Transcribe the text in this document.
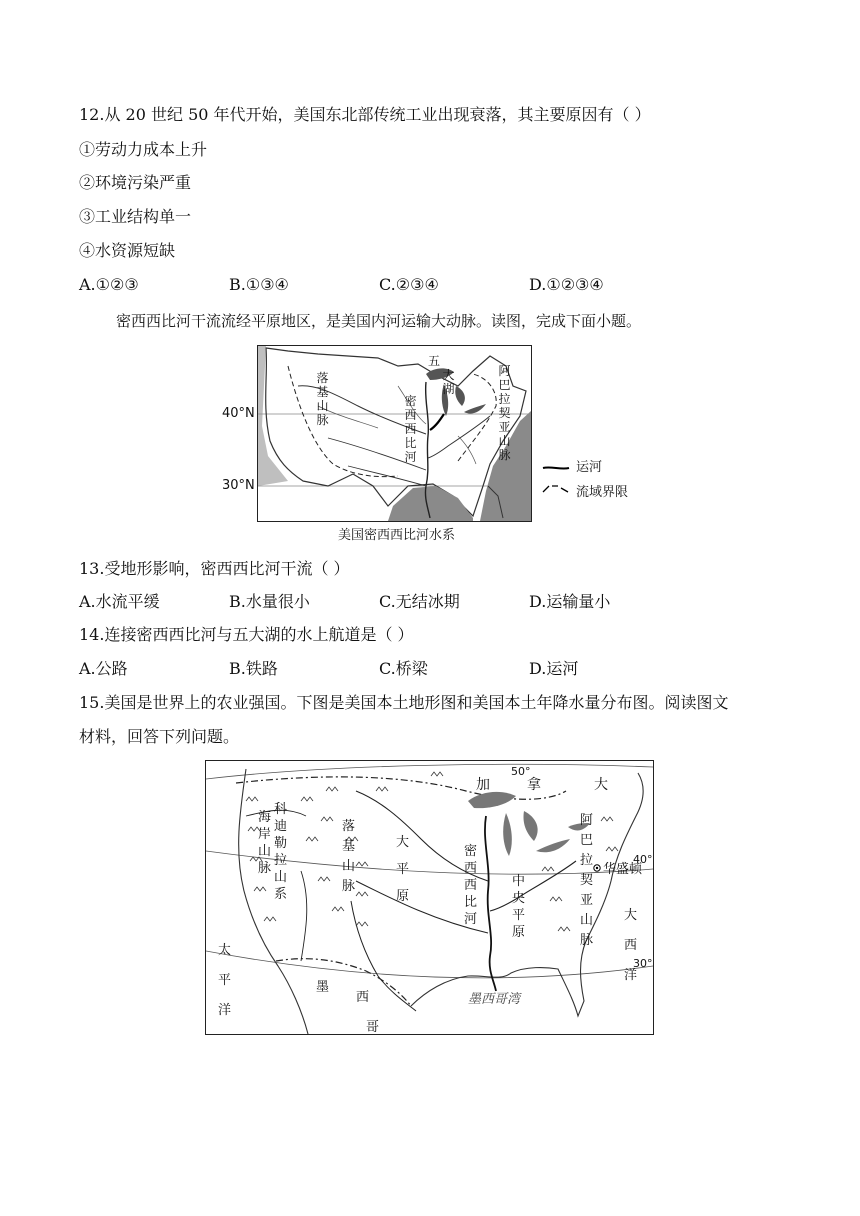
12.从 20 世纪 50 年代开始，美国东北部传统工业出现衰落，其主要原因有（ ）
①劳动力成本上升
②环境污染严重
③工业结构单一
④水资源短缺
A.①②③	B.①③④	C.②③④	D.①②③④
密西西比河干流流经平原地区，是美国内河运输大动脉。读图，完成下面小题。
40°N
30°N
五
大湖
落基山脉
密西西比河
阿巴拉契亚山脉
运河
流域界限
美国密西西比河水系
13.受地形影响，密西西比河干流（ ）
A.水流平缓	B.水量很小	C.无结冰期	D.运输量小
14.连接密西西比河与五大湖的水上航道是（ ）
A.公路	B.铁路	C.桥梁	D.运河
15.美国是世界上的农业强国。下图是美国本土地形图和美国本土年降水量分布图。阅读图文
材料，回答下列问题。
加	拿	大
50°
40°
30°
华盛顿
海岸山脉
科迪勒拉山系
落基山脉
大平原
密西西比河
中央平原
阿巴拉契亚山脉
太平洋
大西洋
墨
西
哥
墨西哥湾
